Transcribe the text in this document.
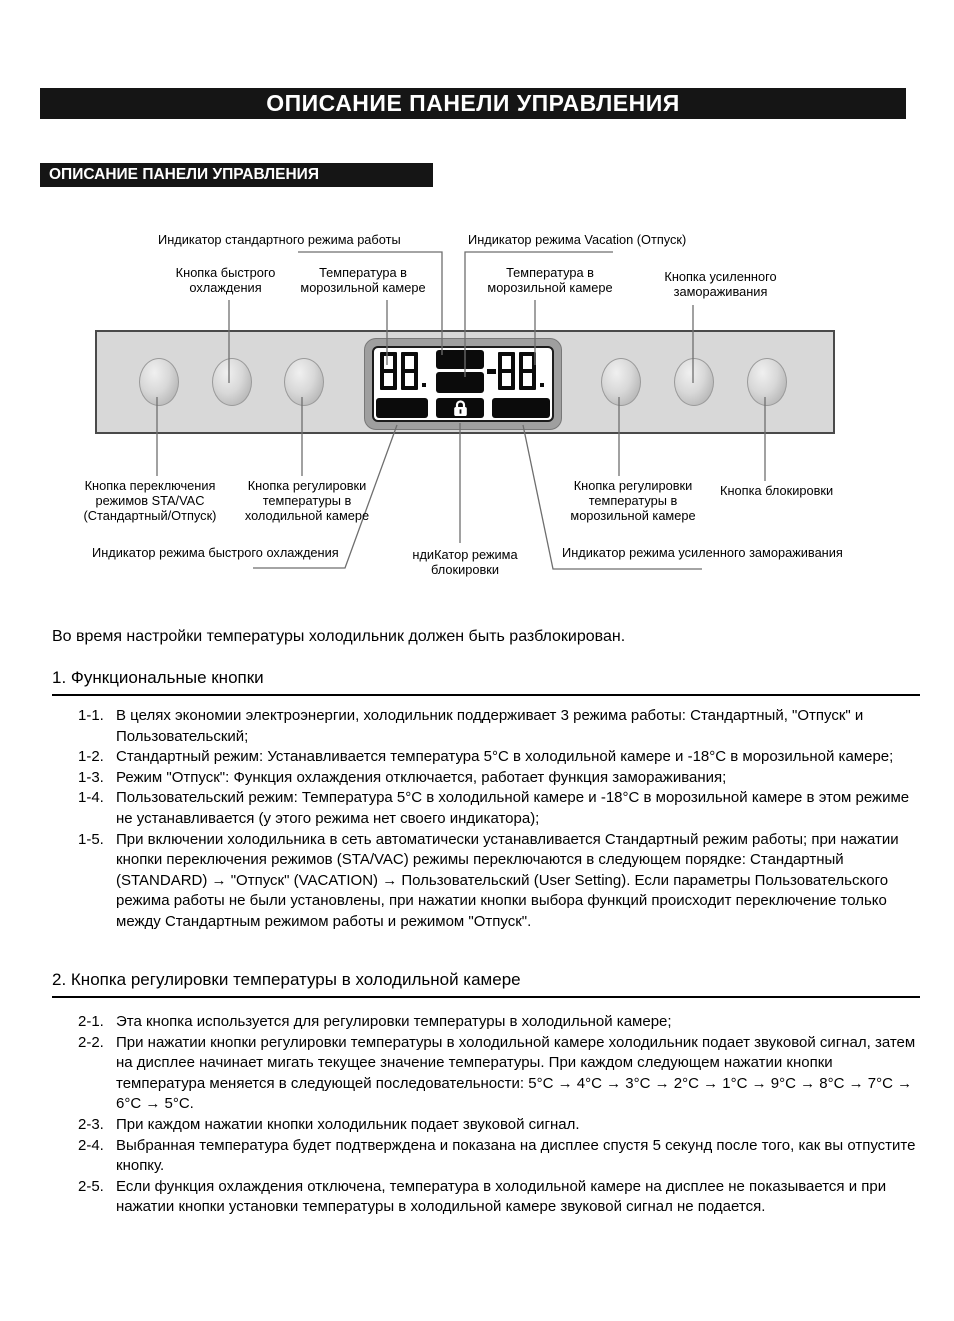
ОПИСАНИЕ ПАНЕЛИ УПРАВЛЕНИЯ
ОПИСАНИЕ ПАНЕЛИ УПРАВЛЕНИЯ
Индикатор стандартного режима работы	Индикатор режима Vacation (Отпуск)
Кнопка быстрого охлаждения
Температура в морозильной камере
Температура в морозильной камере
Кнопка усиленного замораживания
Кнопка переключения режимов STA/VAC (Стандартный/Отпуск)
Кнопка регулировки температуры в холодильной камере
Индикатор режима быстрого охлаждения	ндиКатор режима блокировки
Кнопка регулировки температуры в морозильной камере
Кнопка блокировки
Индикатор режима усиленного замораживания
Во время настройки температуры холодильник должен быть разблокирован.
1. Функциональные кнопки
1-1. В целях экономии электроэнергии, холодильник поддерживает 3 режима работы: Стандартный, "Отпуск" и Пользовательский;
1-2. Стандартный режим: Устанавливается температура 5°С в холодильной камере и -18°С в морозильной камере;
1-3. Режим "Отпуск": Функция охлаждения отключается, работает функция замораживания;
1-4. Пользовательский режим: Температура 5°С в холодильной камере и -18°С в морозильной камере в этом режиме не устанавливается (у этого режима нет своего индикатора);
1-5. При включении холодильника в сеть автоматически устанавливается Стандартный режим работы; при нажатии кнопки переключения режимов (STA/VAC) режимы переключаются в следующем порядке: Стандартный (STANDARD) → "Отпуск" (VACATION) → Пользовательский (User Setting). Если параметры Пользовательского режима работы не были установлены, при нажатии кнопки выбора функций происходит переключение только между Стандартным режимом работы и режимом "Отпуск".
2. Кнопка регулировки температуры в холодильной камере
2-1. Эта кнопка используется для регулировки температуры в холодильной камере;
2-2. При нажатии кнопки регулировки температуры в холодильной камере холодильник подает звуковой сигнал, затем на дисплее начинает мигать текущее значение температуры. При каждом следующем нажатии кнопки температура меняется в следующей последовательности: 5°С → 4°С → 3°С → 2°С → 1°С → 9°С → 8°С → 7°С → 6°С → 5°С.
2-3. При каждом нажатии кнопки холодильник подает звуковой сигнал.
2-4. Выбранная температура будет подтверждена и показана на дисплее спустя 5 секунд после того, как вы отпустите кнопку.
2-5. Если функция охлаждения отключена, температура в холодильной камере на дисплее не показывается и при нажатии кнопки установки температуры в холодильной камере звуковой сигнал не подается.
